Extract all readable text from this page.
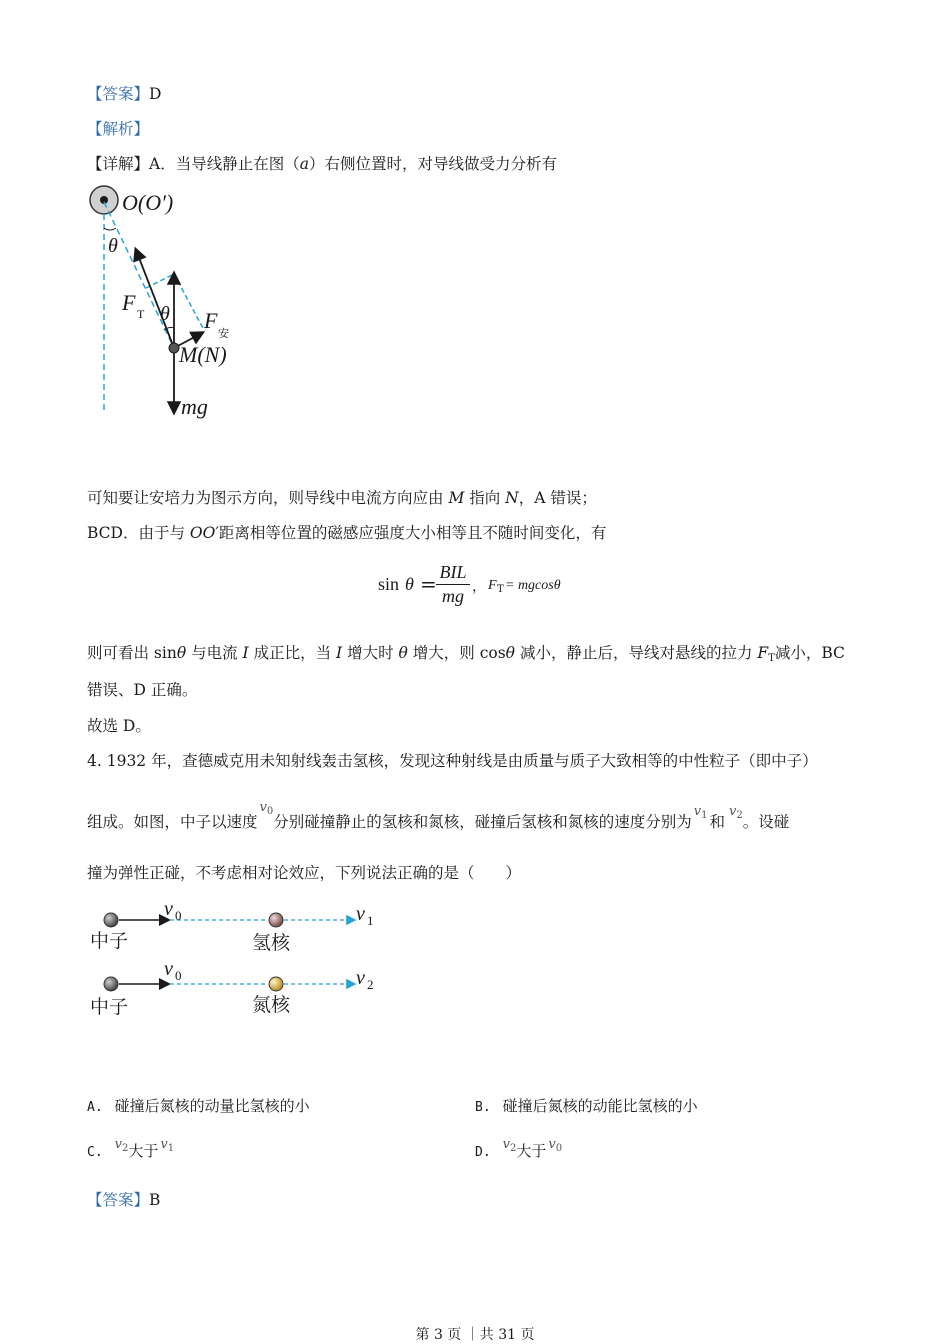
【答案】D
【解析】
【详解】A．当导线静止在图（a）右侧位置时，对导线做受力分析有
O(O′)
θ
F T θ F
安
M(N)
mg
可知要让安培力为图示方向，则导线中电流方向应由 M 指向 N，A 错误；
BCD．由于与 OO′距离相等位置的磁感应强度大小相等且不随时间变化，有
sin θ = BIL
mg ， F T = mgcosθ
则可看出 sinθ 与电流 I 成正比，当 I 增大时 θ 增大，则 cosθ 减小，静止后，导线对悬线的拉力 $F_T$减小，BC
错误、D 正确。
故选 D。
4. 1932 年，查德威克用未知射线轰击氢核，发现这种射线是由质量与质子大致相等的中性粒子（即中子）
组成。如图，中子以速度$v_0$分别碰撞静止的氢核和氮核，碰撞后氢核和氮核的速度分别为$v_1$ 和$v_2$。设碰
撞为弹性正碰，不考虑相对论效应，下列说法正确的是（　　）
v 0	v 1
中子	氢核
v 0	v 2
中子	氮核
A. 碰撞后氮核的动量比氢核的小	B. 碰撞后氮核的动能比氢核的小
$C.v_2$大于 $v_1$	$D.v_2$大于 $v_0$
【答案】B
第 3 页 ｜共 31 页
